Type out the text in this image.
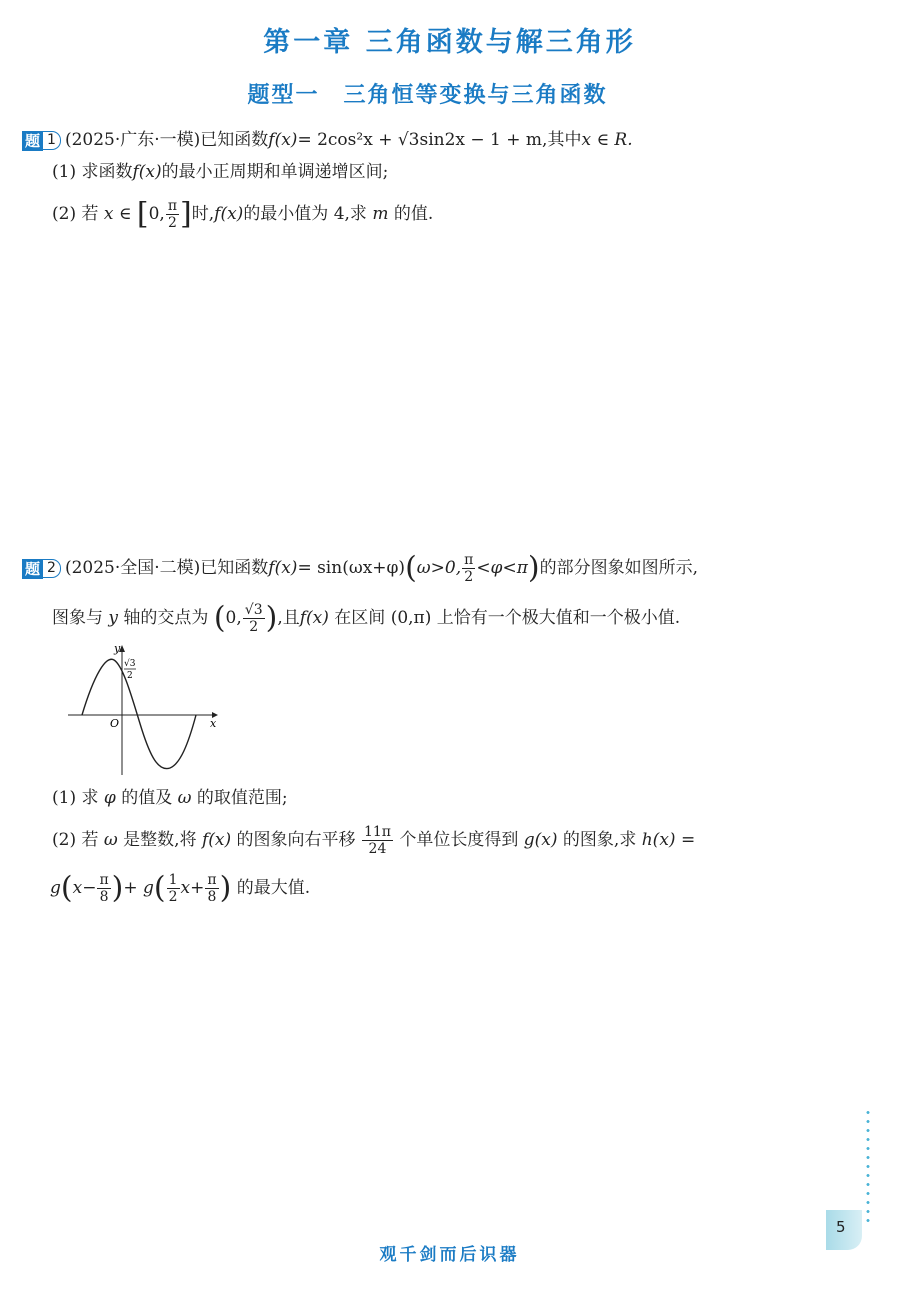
第一章 三角函数与解三角形
题型一　三角恒等变换与三角函数
题 1 (2025·广东·一模)已知函数f(x)= 2cos²x + √3sin2x − 1 + m,其中x ∈ R.
(1) 求函数f(x)的最小正周期和单调递增区间;
(2) 若 x ∈ [0, $\frac{\pi}{2}$ ]时,f(x)的最小值为 4,求 m 的值.
题 2 (2025·全国·二模)已知函数f(x)= sin(ωx+φ)(ω>0, $\frac{\pi}{2} <\varphi<\pi$)的部分图象如图所示,
图象与 y 轴的交点为 (0, $\frac{√3}{2}$ ),且f(x) 在区间 (0,π) 上恰有一个极大值和一个极小值.
x
y
O
√3
2
(1) 求 φ 的值及 ω 的取值范围;
(2) 若 ω 是整数,将 f(x) 的图象向右平移 $\frac{11\pi}{24}$ 个单位长度得到 g(x) 的图象,求 h(x) =
$g(x- \frac{\pi}{8}$ )+ $g( \frac{1}{2} x+ \frac{\pi}{8}$ ) 的最大值.
5
观千剑而后识器
